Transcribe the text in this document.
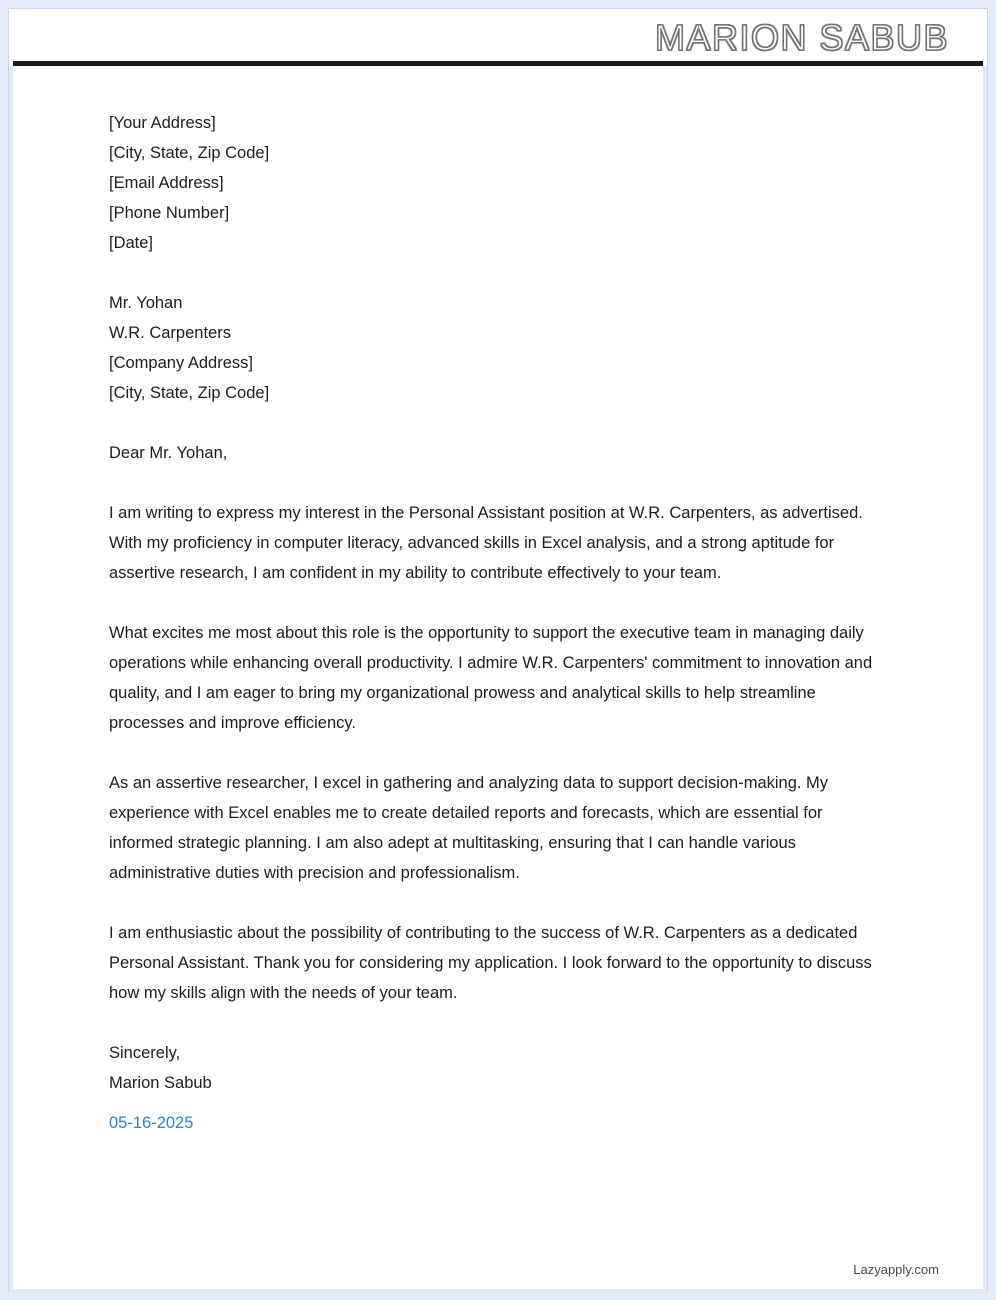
MARION SABUB
[Your Address]
[City, State, Zip Code]
[Email Address]
[Phone Number]
[Date]
Mr. Yohan
W.R. Carpenters
[Company Address]
[City, State, Zip Code]
Dear Mr. Yohan,

I am writing to express my interest in the Personal Assistant position at W.R. Carpenters, as advertised. With my proficiency in computer literacy, advanced skills in Excel analysis, and a strong aptitude for assertive research, I am confident in my ability to contribute effectively to your team.

What excites me most about this role is the opportunity to support the executive team in managing daily operations while enhancing overall productivity. I admire W.R. Carpenters' commitment to innovation and quality, and I am eager to bring my organizational prowess and analytical skills to help streamline processes and improve efficiency.

As an assertive researcher, I excel in gathering and analyzing data to support decision-making. My experience with Excel enables me to create detailed reports and forecasts, which are essential for informed strategic planning. I am also adept at multitasking, ensuring that I can handle various administrative duties with precision and professionalism.

I am enthusiastic about the possibility of contributing to the success of W.R. Carpenters as a dedicated Personal Assistant. Thank you for considering my application. I look forward to the opportunity to discuss how my skills align with the needs of your team.

Sincerely,
Marion Sabub
05-16-2025
Lazyapply.com
